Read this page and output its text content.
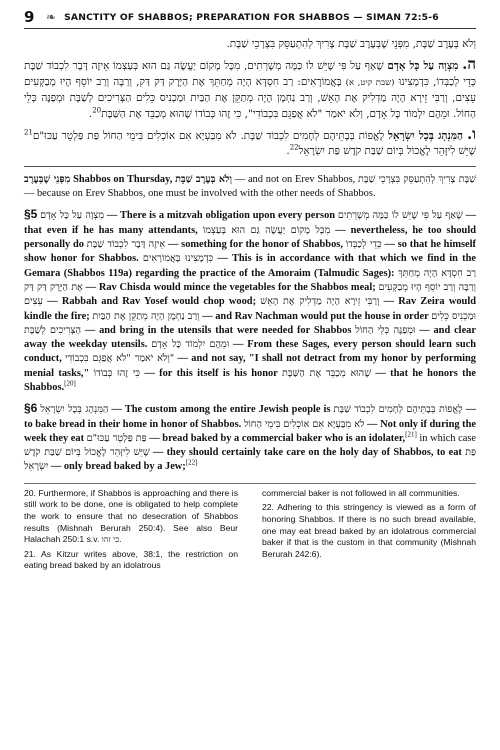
9 ❧ SANCTITY OF SHABBOS; PREPARATION FOR SHABBOS — SIMAN 72:5-6

וְלֹא בְּעֶרֶב שַׁבָּת, מִפְּנֵי שֶׁבְּעֶרֶב שַׁבָּת צָרִיךְ לְהִתְעַסֵּק בִּצְרָכֵי שַׁבָּת.

ה. מִצְוָה עַל כָּל אָדָם שֶׁאַף עַל פִּי שֶׁיֵּשׁ לוֹ כַּמָּה מְשָׁרְתִים, מִכָּל מָקוֹם יַעֲשֶׂה גַּם הוּא בְּעַצְמוֹ אֵיזֶה דָּבָר לִכְבוֹד שַׁבָּת כְּדֵי לְכַבְּדוֹ, כִּדְמָצִינוּ (שבת קיט, א) בָּאֲמוֹרָאִים: רַב חִסְדָּא הָיָה מְחַתֵּךְ אֶת הַיָּרָק דַּק דַּק, וְרַבָּה וְרַב יוֹסֵף הָיוּ מְבַקְּעִים עֵצִים, וְרַבִּי זֵירָא הָיָה מַדְלִיק אֶת הָאֵשׁ, וְרַב נַחְמָן הָיָה מְתַקֵּן אֶת הַבַּיִת וּמַכְנִיס כֵּלִים הַצְּרִיכִים לְשַׁבָּת וּמְפַנֶּה כְּלֵי הַחוֹל. וּמֵהֶם יִלְמוֹד כָּל אָדָם, וְלֹא יֹאמַר "לֹא אֲפַגֵּם בִּכְבוֹדִי", כִּי זֶהוּ כְּבוֹדוֹ שֶׁהוּא מְכַבֵּד אֶת הַשַּׁבָּת$^{20}$.

ו. הַמִּנְהָג בְּכָל יִשְׂרָאֵל לֶאֱפוֹת בְּבָתֵּיהֶם לְחָמִים לִכְבוֹד שַׁבָּת. לֹא מִבַּעְיָא אִם אוֹכְלִים בִּימֵי הַחוֹל פַּת פַּלְטֵר עַכּוּ"ם$^{21}$ שֶׁיֵּשׁ לִיזָּהֵר לֶאֱכוֹל בְּיוֹם שַׁבַּת קֹדֶשׁ פַּת יִשְׂרָאֵל$^{22}$.

מִפְּנֵי שֶׁבְּעֶרֶב Shabbos on Thursday, וְלֹא בְּעֶרֶב שַׁבָּת — and not on Erev Shabbos, שַׁבָּת צָרִיךְ לְהִתְעַסֵּק בִּצְרָכֵי שַׁבָּת — because on Erev Shabbos, one must be involved with the other needs of Shabbos.

§5 מִצְוָה עַל כָּל אָדָם — There is a mitzvah obligation upon every person שֶׁאַף עַל פִּי שֶׁיֵּשׁ לוֹ כַּמָּה מְשָׁרְתִים — that even if he has many attendants, מִכָּל מָקוֹם יַעֲשֶׂה גַּם הוּא בְּעַצְמוֹ — nevertheless, he too should personally do אֵיזֶה דָּבָר לִכְבוֹד שַׁבָּת — something for the honor of Shabbos, כְּדֵי לְכַבְּדוֹ — so that he himself show honor for Shabbos. כִּדְמָצִינוּ בָּאֲמוֹרָאִים — This is in accordance with that which we find in the Gemara (Shabbos 119a) regarding the practice of the Amoraim (Talmudic Sages): רַב חִסְדָּא הָיָה מְחַתֵּךְ אֶת הַיָּרָק דַּק דַּק — Rav Chisda would mince the vegetables for the Shabbos meal; וְרַבָּה וְרַב יוֹסֵף הָיוּ מְבַקְּעִים עֵצִים — Rabbah and Rav Yosef would chop wood; וְרַבִּי זֵירָא הָיָה מַדְלִיק אֶת הָאֵשׁ — Rav Zeira would kindle the fire; וְרַב נַחְמָן הָיָה מְתַקֵּן אֶת הַבַּיִת — and Rav Nachman would put the house in order וּמַכְנִיס כֵּלִים הַצְּרִיכִים לְשַׁבָּת — and bring in the utensils that were needed for Shabbos וּמְפַנֶּה כְּלֵי הַחוֹל — and clear away the weekday utensils. וּמֵהֶם יִלְמוֹד כָּל אָדָם — From these Sages, every person should learn such conduct, וְלֹא יֹאמַר "לֹא אֲפַגֵּם בִּכְבוֹדִי" — and not say, "I shall not detract from my honor by performing menial tasks," כִּי זֶהוּ כְּבוֹדוֹ — for this itself is his honor שֶׁהוּא מְכַבֵּד אֶת הַשַּׁבָּת — that he honors the Shabbos.[20]

§6 הַמִּנְהָג בְּכָל יִשְׂרָאֵל — The custom among the entire Jewish people is לֶאֱפוֹת בְּבָתֵּיהֶם לְחָמִים לִכְבוֹד שַׁבָּת — to bake bread in their home in honor of Shabbos. לֹא מִבַּעְיָא אִם אוֹכְלִים בִּימֵי הַחוֹל — Not only if during the week they eat פַּת פַּלְטֵר עַכּוּ"ם — bread baked by a commercial baker who is an idolater,[21] in which case שֶׁיֵּשׁ לִיזָּהֵר לֶאֱכוֹל בְּיוֹם שַׁבַּת קֹדֶשׁ — they should certainly take care on the holy day of Shabbos, to eat פַּת יִשְׂרָאֵל — only bread baked by a Jew;[22]

20. Furthermore, if Shabbos is approaching and there is still work to be done, one is obligated to help complete the work to ensure that no desecration of Shabbos results (Mishnah Berurah 250:4). See also Beur Halachah 250:1 s.v. כי זהו.

21. As Kitzur writes above, 38:1, the restriction on eating bread baked by an idolatrous

commercial baker is not followed in all communities.

22. Adhering to this stringency is viewed as a form of honoring Shabbos. If there is no such bread available, one may eat bread baked by an idolatrous commercial baker if that is the custom in that community (Mishnah Berurah 242:6).
